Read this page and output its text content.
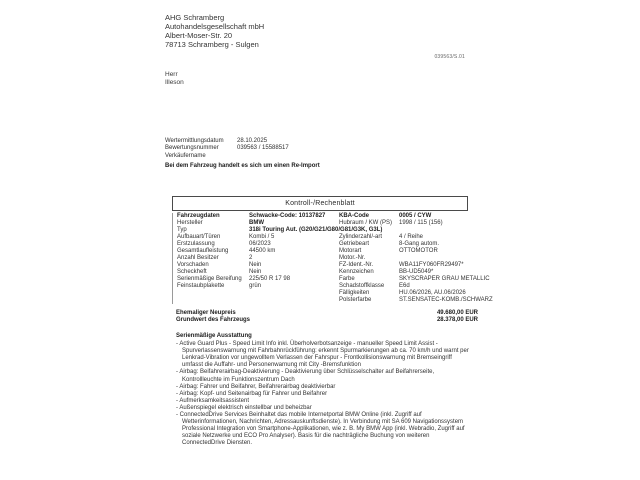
AHG Schramberg
Autohandelsgesellschaft mbH
Albert-Moser-Str. 20
78713 Schramberg - Sulgen
039563/S.01
Herr
Illeson
Wertermittlungsdatum	28.10.2025
Bewertungsnummer	039563 / 15588517
Verkäufername
Bei dem Fahrzeug handelt es sich um einen Re-Import
Kontroll-/Rechenblatt
Fahrzeugdaten	Schwacke-Code: 10137827	KBA-Code	0005 / CYW
Hersteller	BMW	Hubraum / KW (PS)	1998 / 115 (156)
Typ	318i Touring Aut. (G20/G21/G80/G81/G3K, G3L)
Aufbauart/Türen	Kombi / 5	Zylinderzahl/-art	4 / Reihe
Erstzulassung	06/2023	Getriebeart	8-Gang autom.
Gesamtlaufleistung	44500 km	Motorart	OTTOMOTOR
Anzahl Besitzer	2	Motor.-Nr.
Vorschaden	Nein	FZ-Ident.-Nr.	WBA11FY060FR29497*
Scheckheft	Nein	Kennzeichen	BB-UD5049*
Serienmäßige Bereifung	225/50 R 17 98	Farbe	SKYSCRAPER GRAU METALLIC
Feinstaubplakette	grün	Schadstoffklasse	E6d
Fälligkeiten	HU.06/2026, AU.06/2026
Polsterfarbe	ST.SENSATEC-KOMB./SCHWARZ
Ehemaliger Neupreis	49.680,00 EUR
Grundwert des Fahrzeugs	28.378,00 EUR
Serienmäßige Ausstattung
- Active Guard Plus - Speed Limit Info inkl. Überholverbotsanzeige - manueller Speed Limit Assist - Spurverlassenswarnung mit Fahrbahnrückführung: erkennt Spurmarkierungen ab ca. 70 km/h und warnt per Lenkrad-Vibration vor ungewolltem Verlassen der Fahrspur - Frontkollisionswarnung mit Bremseingriff umfasst die Auffahr- und Personenwarnung mit City -Bremsfunktion
- Airbag: Beifahrerairbag-Deaktivierung - Deaktivierung über Schlüsselschalter auf Beifahrerseite, Kontrollleuchte im Funktionszentrum Dach
- Airbag: Fahrer und Beifahrer, Beifahrerairbag deaktivierbar
- Airbag: Kopf- und Seitenairbag für Fahrer und Beifahrer
- Aufmerksamkeitsassistent
- Außenspiegel elektrisch einstellbar und beheizbar
- ConnectedDrive Services Beinhaltet das mobile Internetportal BMW Online (inkl. Zugriff auf Wetterinformationen, Nachrichten, Adressauskunftsdienste). In Verbindung mit SA 609 Navigationssystem Professional Integration von Smartphone-Applikationen, wie z. B. My BMW App (inkl. Webradio, Zugriff auf soziale Netzwerke und ECO Pro Analyser). Basis für die nachträgliche Buchung von weiteren ConnectedDrive Diensten.
